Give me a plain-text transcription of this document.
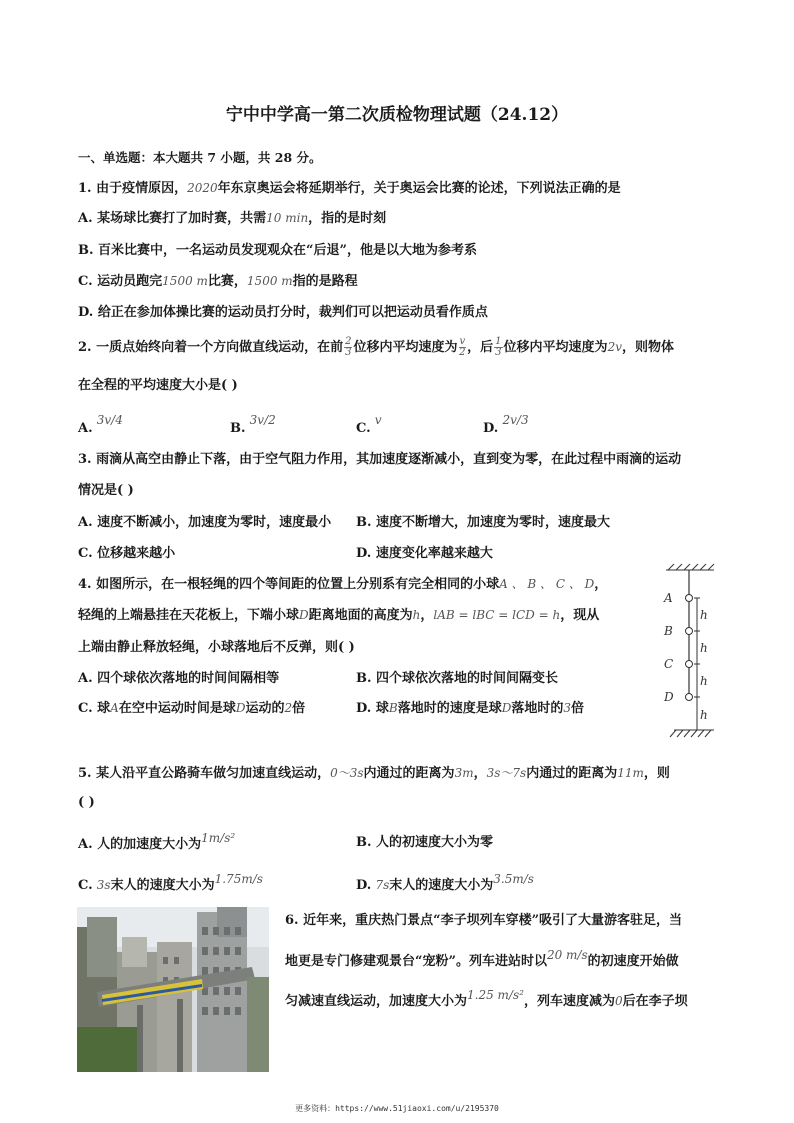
宁中中学高一第二次质检物理试题（24.12）
一、单选题：本大题共 7 小题，共 28 分。
1. 由于疫情原因，2020年东京奥运会将延期举行，关于奥运会比赛的论述，下列说法正确的是
A. 某场球比赛打了加时赛，共需10 min，指的是时刻
B. 百米比赛中，一名运动员发现观众在“后退”，他是以大地为参考系
C. 运动员跑完1500 m比赛，1500 m指的是路程
D. 给正在参加体操比赛的运动员打分时，裁判们可以把运动员看作质点
2. 一质点始终向着一个方向做直线运动，在前 $\frac{2}{3}$ 位移内平均速度为 $\frac{v}{2}$ ，后 $\frac{1}{3}$ 位移内平均速度为2v，则物体
在全程的平均速度大小是( )
A. 3v/4
B. 3v/2
C. v
D. 2v/3
3. 雨滴从高空由静止下落，由于空气阻力作用，其加速度逐渐减小，直到变为零，在此过程中雨滴的运动
情况是( )
A. 速度不断减小，加速度为零时，速度最小 B. 速度不断增大，加速度为零时，速度最大
C. 位移越来越小	D. 速度变化率越来越大
4. 如图所示，在一根轻绳的四个等间距的位置上分别系有完全相同的小球A 、 B 、 C 、 D，
轻绳的上端悬挂在天花板上，下端小球D距离地面的高度为h，lAB = lBC = lCD = h，现从
上端由静止释放轻绳，小球落地后不反弹，则( )
A. 四个球依次落地的时间间隔相等	B. 四个球依次落地的时间间隔变长
C. 球A在空中运动时间是球D运动的2倍	D. 球B落地时的速度是球D落地时的3倍
A
B
C
D
h
h
h
h
5. 某人沿平直公路骑车做匀加速直线运动，0～3s内通过的距离为3m，3s～7s内通过的距离为11m，则
( )
A. 人的加速度大小为1m/s²	B. 人的初速度大小为零
C. 3s末人的速度大小为1.75m/s	D. 7s末人的速度大小为3.5m/s
6. 近年来，重庆热门景点“李子坝列车穿楼”吸引了大量游客驻足，当
地更是专门修建观景台“宠粉”。列车进站时以20 m/s的初速度开始做
匀减速直线运动，加速度大小为1.25 m/s²，列车速度减为0后在李子坝
更多资料：https://www.51jiaoxi.com/u/2195370
